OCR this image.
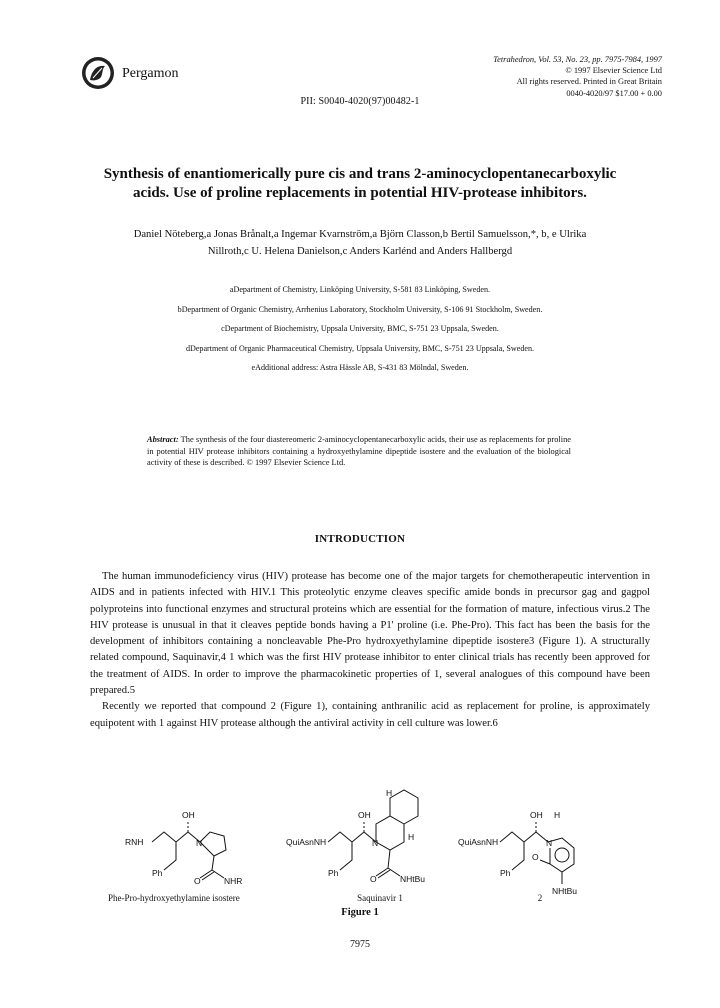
Pergamon
Tetrahedron, Vol. 53, No. 23, pp. 7975-7984, 1997
© 1997 Elsevier Science Ltd
All rights reserved. Printed in Great Britain
0040-4020/97 $17.00 + 0.00
PII: S0040-4020(97)00482-1
Synthesis of enantiomerically pure cis and trans 2-aminocyclopentanecarboxylic
acids. Use of proline replacements in potential HIV-protease inhibitors.
Daniel Nöteberg,a Jonas Brånalt,a Ingemar Kvarnström,a Björn Classon,b Bertil Samuelsson,*, b, e Ulrika
Nillroth,c U. Helena Danielson,c Anders Karlénd and Anders Hallbergd
aDepartment of Chemistry, Linköping University, S-581 83 Linköping, Sweden.
bDepartment of Organic Chemistry, Arrhenius Laboratory, Stockholm University, S-106 91 Stockholm, Sweden.
cDepartment of Biochemistry, Uppsala University, BMC, S-751 23 Uppsala, Sweden.
dDepartment of Organic Pharmaceutical Chemistry, Uppsala University, BMC, S-751 23 Uppsala, Sweden.
eAdditional address: Astra Hässle AB, S-431 83 Mölndal, Sweden.
Abstract: The synthesis of the four diastereomeric 2-aminocyclopentanecarboxylic acids, their use as replacements for proline in potential HIV protease inhibitors containing a hydroxyethylamine dipeptide isostere and the evaluation of the biological activity of these is described. © 1997 Elsevier Science Ltd.
INTRODUCTION

The human immunodeficiency virus (HIV) protease has become one of the major targets for chemotherapeutic intervention in AIDS and in patients infected with HIV.1 This proteolytic enzyme cleaves specific amide bonds in precursor gag and gagpol polyproteins into functional enzymes and structural proteins which are essential for the formation of mature, infectious virus.2 The HIV protease is unusual in that it cleaves peptide bonds having a P1' proline (i.e. Phe-Pro). This fact has been the basis for the development of inhibitors containing a noncleavable Phe-Pro hydroxyethylamine dipeptide isostere3 (Figure 1). A structurally related compound, Saquinavir,4 1 which was the first HIV protease inhibitor to enter clinical trials has recently been approved for the treatment of AIDS. In order to improve the pharmacokinetic properties of 1, several analogues of this compound have been prepared.5

Recently we reported that compound 2 (Figure 1), containing anthranilic acid as replacement for proline, is approximately equipotent with 1 against HIV protease although the antiviral activity in cell culture was lower.6

RNH
OH
N
Ph
O	NHR
QuiAsnNH
OH
N
H
H
Ph
O	NHtBu
QuiAsnNH
OH H
N
Ph
O
NHtBu
Phe-Pro-hydroxyethylamine isostere	Saquinavir 1	2
Figure 1
7975
